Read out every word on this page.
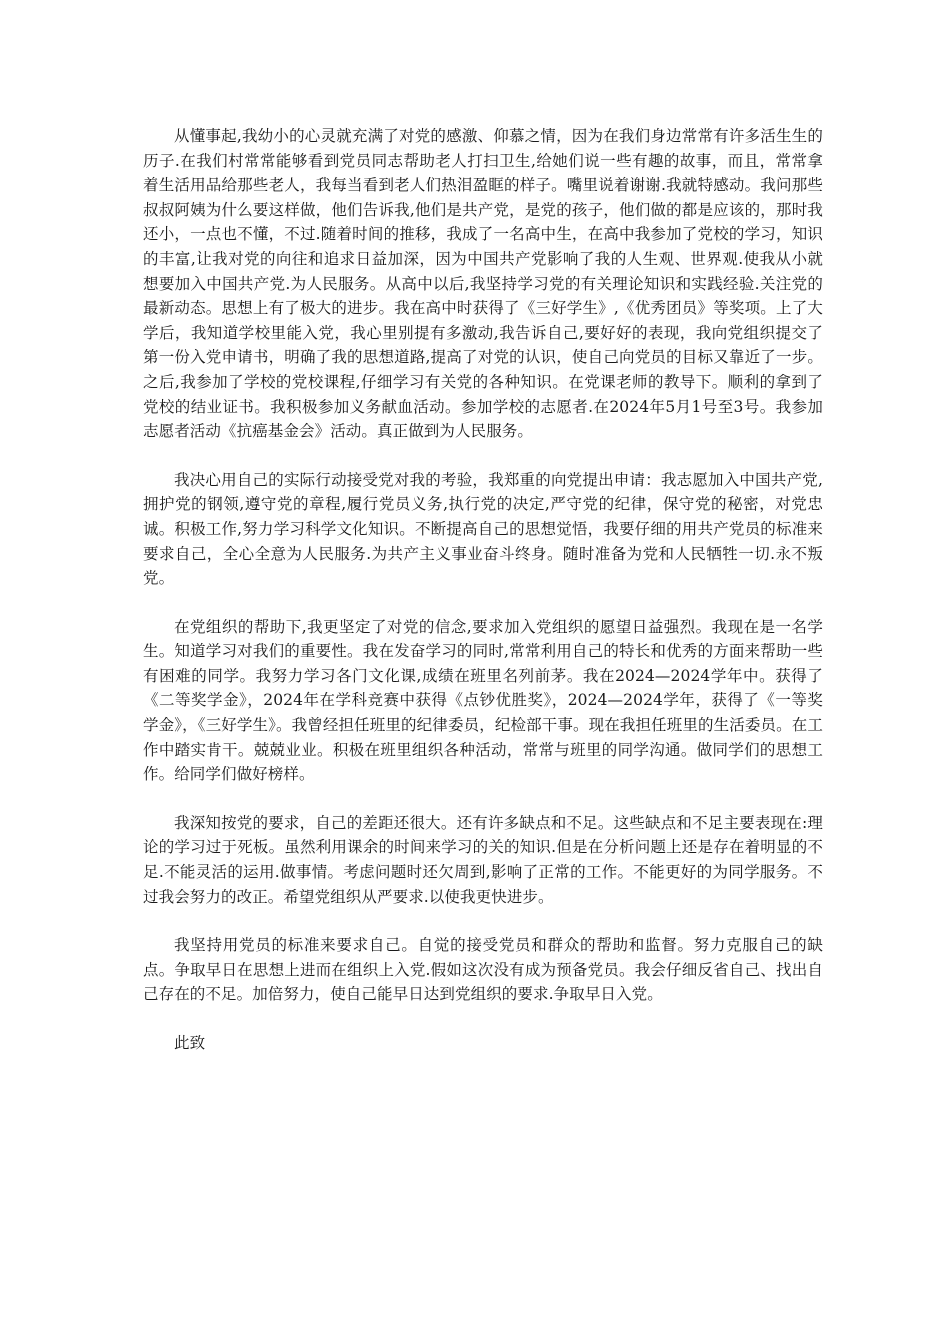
从懂事起,我幼小的心灵就充满了对党的感激、仰慕之情，因为在我们身边常常有许多活生生的历子.在我们村常常能够看到党员同志帮助老人打扫卫生,给她们说一些有趣的故事，而且，常常拿着生活用品给那些老人，我每当看到老人们热泪盈眶的样子。嘴里说着谢谢.我就特感动。我问那些叔叔阿姨为什么要这样做，他们告诉我,他们是共产党，是党的孩子，他们做的都是应该的，那时我还小，一点也不懂，不过.随着时间的推移，我成了一名高中生，在高中我参加了党校的学习，知识的丰富,让我对党的向往和追求日益加深，因为中国共产党影响了我的人生观、世界观.使我从小就想要加入中国共产党.为人民服务。从高中以后,我坚持学习党的有关理论知识和实践经验.关注党的最新动态。思想上有了极大的进步。我在高中时获得了《三好学生》,《优秀团员》等奖项。上了大学后，我知道学校里能入党，我心里别提有多激动,我告诉自己,要好好的表现，我向党组织提交了第一份入党申请书，明确了我的思想道路,提高了对党的认识，使自己向党员的目标又靠近了一步。之后,我参加了学校的党校课程,仔细学习有关党的各种知识。在党课老师的教导下。顺利的拿到了党校的结业证书。我积极参加义务献血活动。参加学校的志愿者.在2024年5月1号至3号。我参加志愿者活动《抗癌基金会》活动。真正做到为人民服务。

我决心用自己的实际行动接受党对我的考验，我郑重的向党提出申请：我志愿加入中国共产党,拥护党的钢领,遵守党的章程,履行党员义务,执行党的决定,严守党的纪律，保守党的秘密，对党忠诚。积极工作,努力学习科学文化知识。不断提高自己的思想觉悟，我要仔细的用共产党员的标准来要求自己，全心全意为人民服务.为共产主义事业奋斗终身。随时准备为党和人民牺牲一切.永不叛党。

在党组织的帮助下,我更坚定了对党的信念,要求加入党组织的愿望日益强烈。我现在是一名学生。知道学习对我们的重要性。我在发奋学习的同时,常常利用自己的特长和优秀的方面来帮助一些有困难的同学。我努力学习各门文化课,成绩在班里名列前茅。我在2024—2024学年中。获得了《二等奖学金》，2024年在学科竞赛中获得《点钞优胜奖》，2024—2024学年，获得了《一等奖学金》，《三好学生》。我曾经担任班里的纪律委员，纪检部干事。现在我担任班里的生活委员。在工作中踏实肯干。兢兢业业。积极在班里组织各种活动，常常与班里的同学沟通。做同学们的思想工作。给同学们做好榜样。

我深知按党的要求，自己的差距还很大。还有许多缺点和不足。这些缺点和不足主要表现在:理论的学习过于死板。虽然利用课余的时间来学习的关的知识.但是在分析问题上还是存在着明显的不足.不能灵活的运用.做事情。考虑问题时还欠周到,影响了正常的工作。不能更好的为同学服务。不过我会努力的改正。希望党组织从严要求.以使我更快进步。

我坚持用党员的标准来要求自己。自觉的接受党员和群众的帮助和监督。努力克服自己的缺点。争取早日在思想上进而在组织上入党.假如这次没有成为预备党员。我会仔细反省自己、找出自己存在的不足。加倍努力，使自己能早日达到党组织的要求.争取早日入党。

此致
